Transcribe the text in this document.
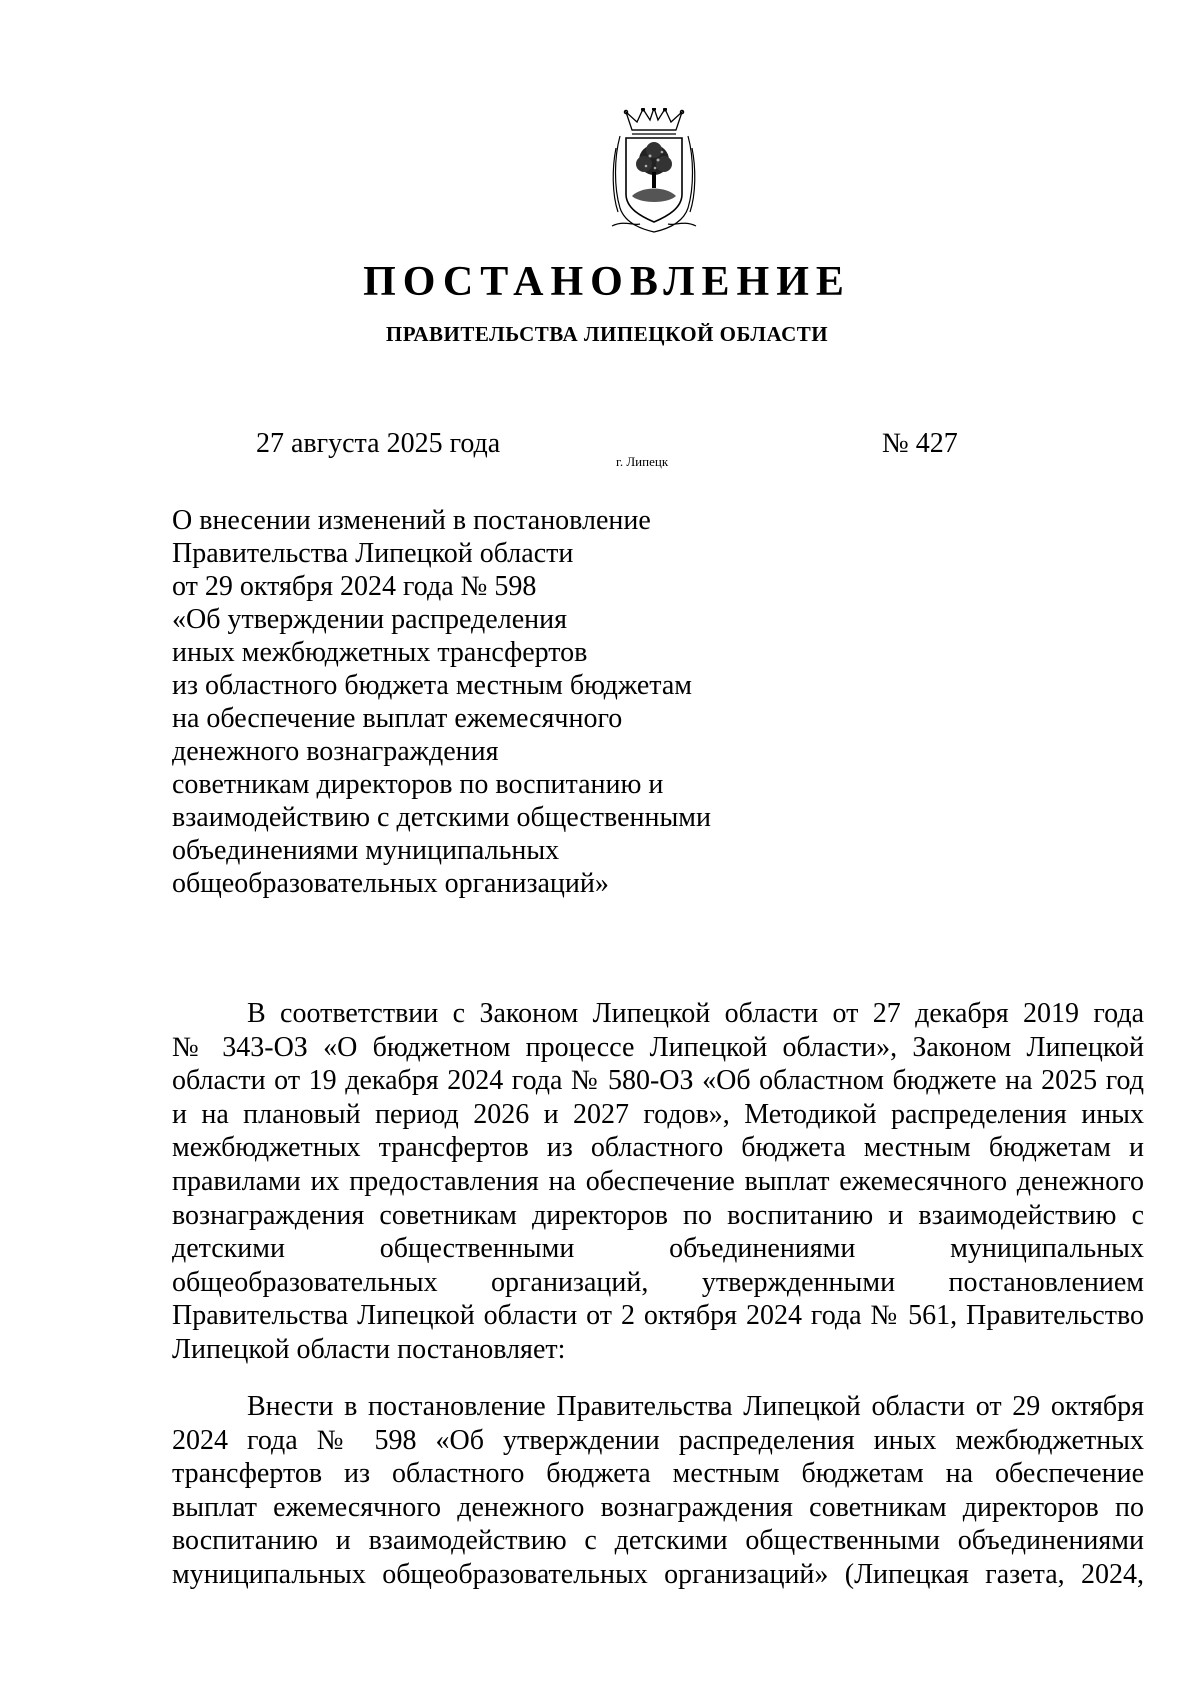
ПОСТАНОВЛЕНИЕ
ПРАВИТЕЛЬСТВА ЛИПЕЦКОЙ ОБЛАСТИ
27 августа 2025 года
г. Липецк
№ 427
О внесении изменений в постановление
Правительства Липецкой области
от 29 октября 2024 года № 598
«Об утверждении распределения
иных межбюджетных трансфертов
из областного бюджета местным бюджетам
на обеспечение выплат ежемесячного
денежного вознаграждения
советникам директоров по воспитанию и
взаимодействию с детскими общественными
объединениями муниципальных
общеобразовательных организаций»
В соответствии с Законом Липецкой области от 27 декабря 2019 года
№ 343-ОЗ «О бюджетном процессе Липецкой области», Законом Липецкой
области от 19 декабря 2024 года № 580-ОЗ «Об областном бюджете на 2025 год
и на плановый период 2026 и 2027 годов», Методикой распределения иных
межбюджетных трансфертов из областного бюджета местным бюджетам и
правилами их предоставления на обеспечение выплат ежемесячного денежного
вознаграждения советникам директоров по воспитанию и взаимодействию с
детскими общественными объединениями муниципальных
общеобразовательных организаций, утвержденными постановлением
Правительства Липецкой области от 2 октября 2024 года № 561, Правительство
Липецкой области постановляет:
Внести в постановление Правительства Липецкой области от 29 октября
2024 года № 598 «Об утверждении распределения иных межбюджетных
трансфертов из областного бюджета местным бюджетам на обеспечение
выплат ежемесячного денежного вознаграждения советникам директоров по
воспитанию и взаимодействию с детскими общественными объединениями
муниципальных общеобразовательных организаций» (Липецкая газета, 2024,
